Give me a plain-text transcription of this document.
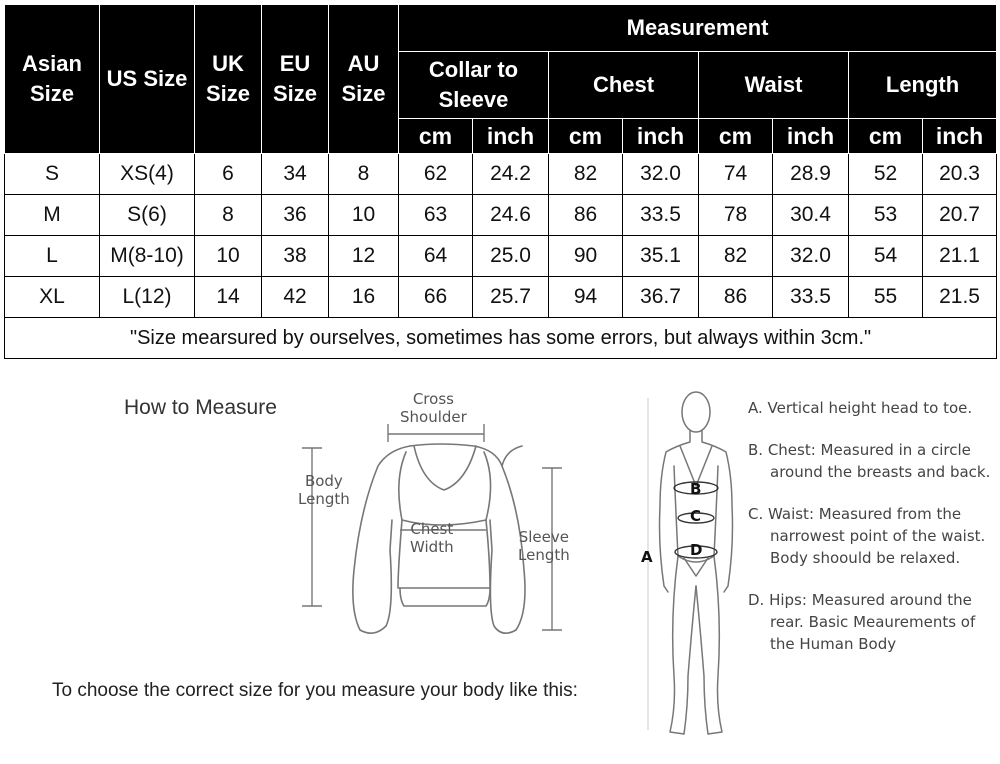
Asian Size	US Size	UK Size	EU Size	AU Size	Measurement							
					Collar to Sleeve		Chest		Waist		Length	
					cm	inch	cm	inch	cm	inch	cm	inch
S	XS(4)	6	34	8	62	24.2	82	32.0	74	28.9	52	20.3
M	S(6)	8	36	10	63	24.6	86	33.5	78	30.4	53	20.7
L	M(8-10)	10	38	12	64	25.0	90	35.1	82	32.0	54	21.1
XL	L(12)	14	42	16	66	25.7	94	36.7	86	33.5	55	21.5
"Size mearsured by ourselves, sometimes has some errors, but always within 3cm."												
How to Measure
To choose the correct size for you measure your body like this:
Cross
Shoulder
Body
Length
Chest
Width
Sleeve
Length
B
C
D
A
A. Vertical height head to toe.
B. Chest: Measured in a circle around the breasts and back.
C. Waist: Measured from the narrowest point of the waist. Body shoould be relaxed.
D. Hips: Measured around the rear. Basic Meaurements of the Human Body
